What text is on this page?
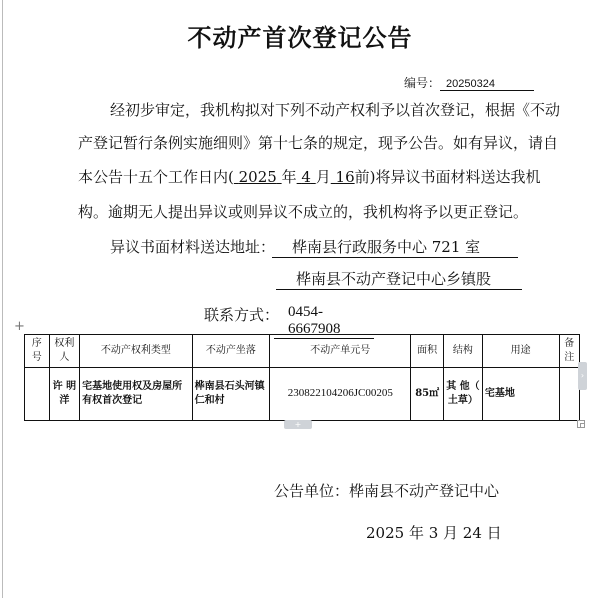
不动产首次登记公告
编号： 20250324
经初步审定，我机构拟对下列不动产权利予以首次登记，根据《不动
产登记暂行条例实施细则》第十七条的规定，现予公告。如有异议，请自
本公告十五个工作日内( 2025 年 4 月 16前)将异议书面材料送达我机
构。逾期无人提出异议或则异议不成立的，我机构将予以更正登记。
异议书面材料送达地址：	桦南县行政服务中心 721 室
桦南县不动产登记中心乡镇股
联系方式： 0454-6667908
+
序号	权利人	不动产权利类型	不动产坐落	不动产单元号	面积	结构	用途	备注
	许 明洋	宅基地使用权及房屋所有权首次登记	桦南县石头河镇仁和村	230822104206JC00205	85㎡	其 他（ 土草）	宅基地	
›
+
公告单位：桦南县不动产登记中心
2025 年 3 月 24 日
